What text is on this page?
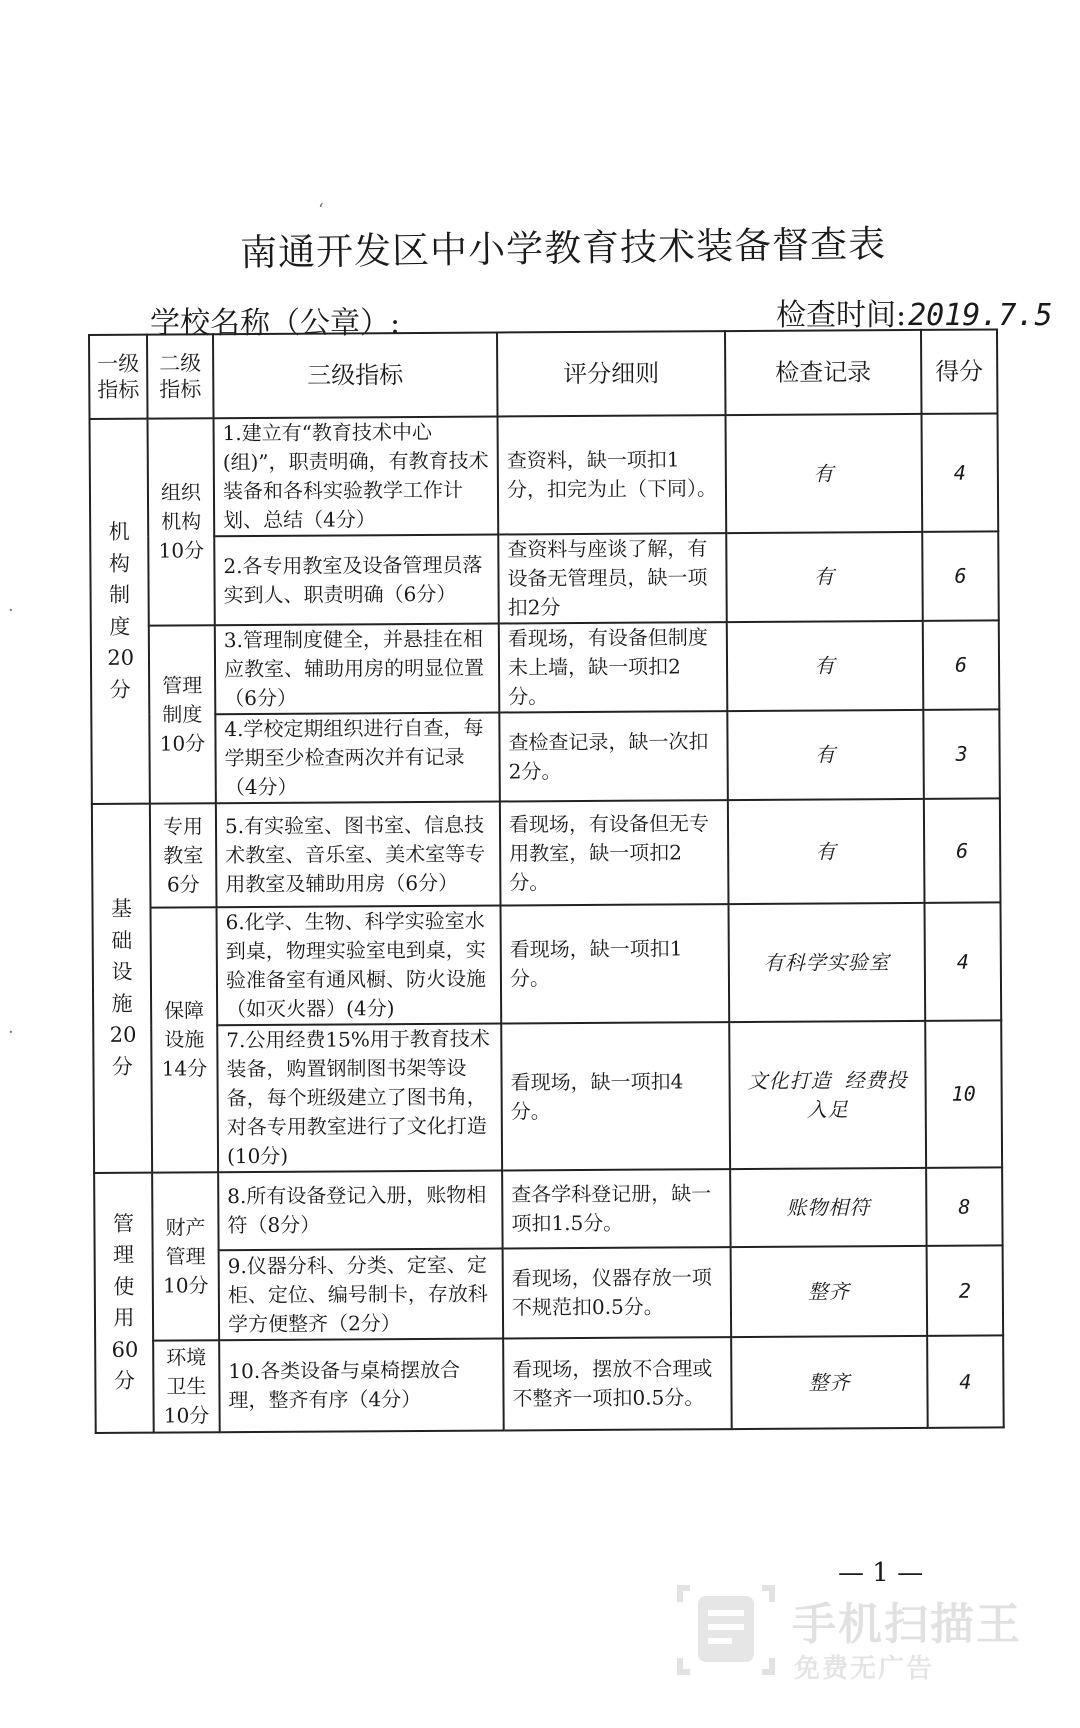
南通开发区中小学教育技术装备督查表
学校名称（公章）:	检查时间:2019.7.5
一级指标	二级指标	三级指标	评分细则	检查记录	得分
机构制度20分	组织机构10分	1.建立有“教育技术中心(组)”，职责明确，有教育技术装备和各科实验教学工作计划、总结（4分）	查资料，缺一项扣1分，扣完为止（下同）。	有	4
		2.各专用教室及设备管理员落实到人、职责明确（6分）	查资料与座谈了解，有设备无管理员，缺一项扣2分	有	6
	管理制度10分	3.管理制度健全，并悬挂在相应教室、辅助用房的明显位置（6分）	看现场，有设备但制度未上墙，缺一项扣2分。	有	6
		4.学校定期组织进行自查，每学期至少检查两次并有记录（4分）	查检查记录，缺一次扣2分。	有	3
基础设施20分	专用教室6分	5.有实验室、图书室、信息技术教室、音乐室、美术室等专用教室及辅助用房（6分）	看现场，有设备但无专用教室，缺一项扣2分。	有	6
	保障设施14分	6.化学、生物、科学实验室水到桌，物理实验室电到桌，实验准备室有通风橱、防火设施（如灭火器）(4分)	看现场，缺一项扣1分。	有科学实验室	4
		7.公用经费15%用于教育技术装备，购置钢制图书架等设备，每个班级建立了图书角，对各专用教室进行了文化打造(10分)	看现场，缺一项扣4分。	文化打造 经费投入足	10
管理使用60分	财产管理10分	8.所有设备登记入册，账物相符（8分）	查各学科登记册，缺一项扣1.5分。	账物相符	8
		9.仪器分科、分类、定室、定柜、定位、编号制卡，存放科学方便整齐（2分）	看现场，仪器存放一项不规范扣0.5分。	整齐	2
	环境卫生10分	10.各类设备与桌椅摆放合理，整齐有序（4分）	看现场，摆放不合理或不整齐一项扣0.5分。	整齐	4
— 1 —
手机扫描王
免费无广告
‘
·
·
